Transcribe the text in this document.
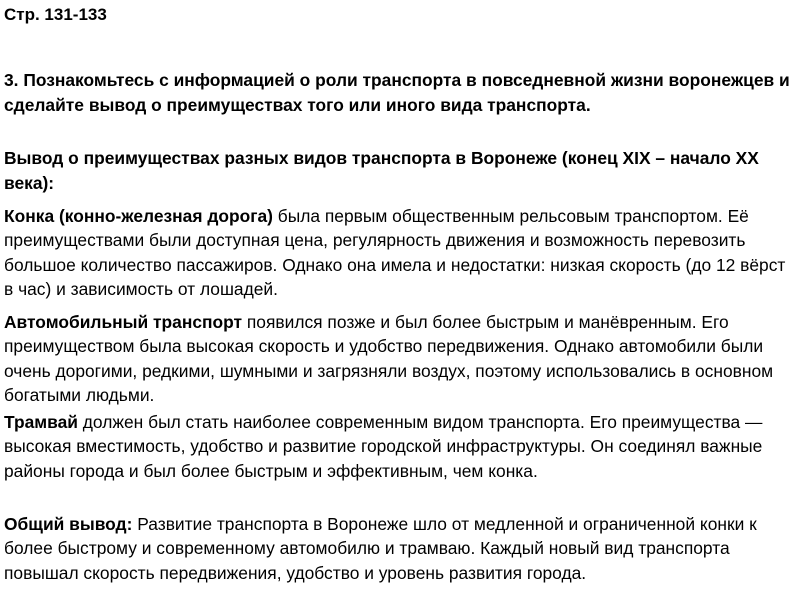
Стр. 131-133

3. Познакомьтесь с информацией о роли транспорта в повседневной жизни воронежцев и сделайте вывод о преимуществах того или иного вида транспорта.

Вывод о преимуществах разных видов транспорта в Воронеже (конец XIX – начало XX века):

Конка (конно-железная дорога) была первым общественным рельсовым транспортом. Её преимуществами были доступная цена, регулярность движения и возможность перевозить большое количество пассажиров. Однако она имела и недостатки: низкая скорость (до 12 вёрст в час) и зависимость от лошадей.

Автомобильный транспорт появился позже и был более быстрым и манёвренным. Его преимуществом была высокая скорость и удобство передвижения. Однако автомобили были очень дорогими, редкими, шумными и загрязняли воздух, поэтому использовались в основном богатыми людьми.

Трамвай должен был стать наиболее современным видом транспорта. Его преимущества — высокая вместимость, удобство и развитие городской инфраструктуры. Он соединял важные районы города и был более быстрым и эффективным, чем конка.

Общий вывод: Развитие транспорта в Воронеже шло от медленной и ограниченной конки к более быстрому и современному автомобилю и трамваю. Каждый новый вид транспорта повышал скорость передвижения, удобство и уровень развития города.
